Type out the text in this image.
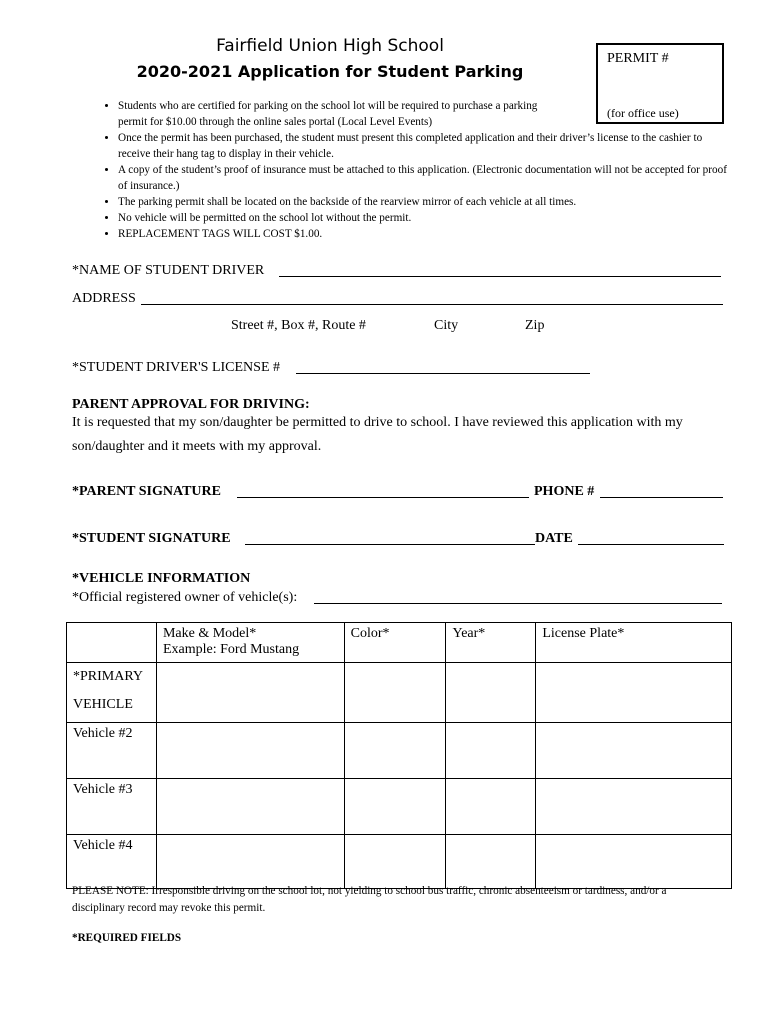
Fairfield Union High School
2020-2021 Application for Student Parking
PERMIT #
(for office use)
• Students who are certified for parking on the school lot will be required to purchase a parking permit for $10.00 through the online sales portal (Local Level Events)
• Once the permit has been purchased, the student must present this completed application and their driver’s license to the cashier to receive their hang tag to display in their vehicle.
• A copy of the student’s proof of insurance must be attached to this application. (Electronic documentation will not be accepted for proof of insurance.)
• The parking permit shall be located on the backside of the rearview mirror of each vehicle at all times.
• No vehicle will be permitted on the school lot without the permit.
• REPLACEMENT TAGS WILL COST $1.00.
*NAME OF STUDENT DRIVER
ADDRESS
Street #, Box #, Route #	City	Zip
*STUDENT DRIVER'S LICENSE #
PARENT APPROVAL FOR DRIVING:
It is requested that my son/daughter be permitted to drive to school. I have reviewed this application with my son/daughter and it meets with my approval.
*PARENT SIGNATURE	PHONE #
*STUDENT SIGNATURE	DATE
*VEHICLE INFORMATION
*Official registered owner of vehicle(s):

	Make & Model*
Example: Ford Mustang	Color*	Year*	License Plate*

*PRIMARY
VEHICLE				

Vehicle #2				
Vehicle #3				
Vehicle #4				
PLEASE NOTE: Irresponsible driving on the school lot, not yielding to school bus traffic, chronic absenteeism or tardiness, and/or a disciplinary record may revoke this permit.
*REQUIRED FIELDS
